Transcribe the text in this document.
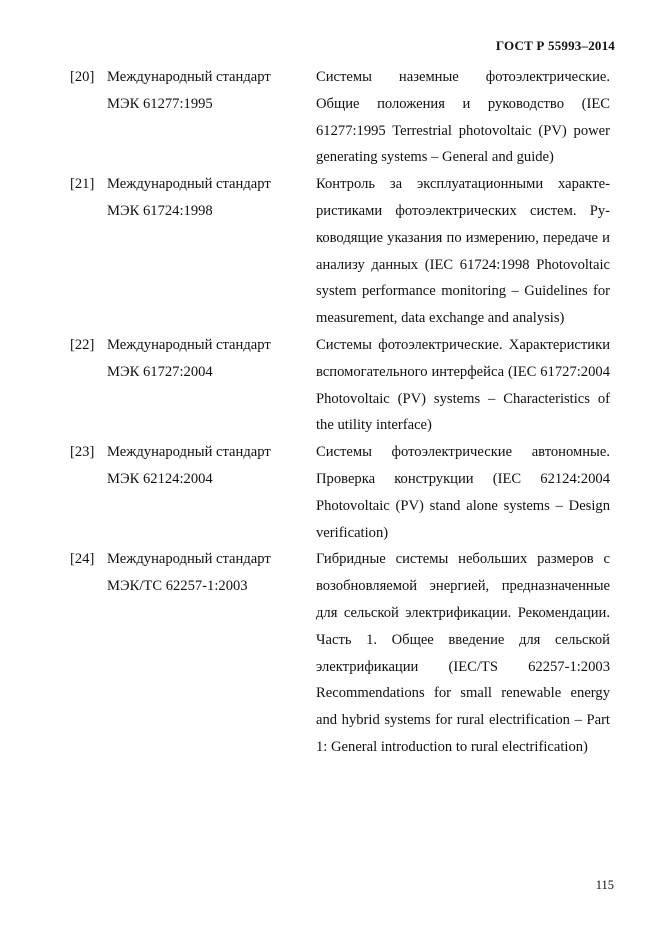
ГОСТ Р 55993–2014
[20] Международный стандарт
МЭК 61277:1995
Системы наземные фотоэлектрические. Общие положения и руководство (IEC 61277:1995 Terrestrial photovoltaic (PV) power generating systems – General and guide)
[21] Международный стандарт
МЭК 61724:1998
Контроль за эксплуатационными характеристиками фотоэлектрических систем. Руководящие указания по измерению, передаче и анализу данных (IEC 61724:1998 Photovoltaic system performance monitoring – Guidelines for measurement, data exchange and analysis)
[22] Международный стандарт
МЭК 61727:2004
Системы фотоэлектрические. Характеристики вспомогательного интерфейса (IEC 61727:2004 Photovoltaic (PV) systems – Characteristics of the utility interface)
[23] Международный стандарт
МЭК 62124:2004
Системы фотоэлектрические автономные. Проверка конструкции (IEC 62124:2004 Photovoltaic (PV) stand alone systems – Design verification)
[24] Международный стандарт
МЭК/ТС 62257-1:2003
Гибридные системы небольших размеров с возобновляемой энергией, предназначенные для сельской электрификации. Рекомендации. Часть 1. Общее введение для сельской электрификации (IEC/TS 62257-1:2003 Recommendations for small renewable energy and hybrid systems for rural electrification – Part 1: General introduction to rural electrification)
115
